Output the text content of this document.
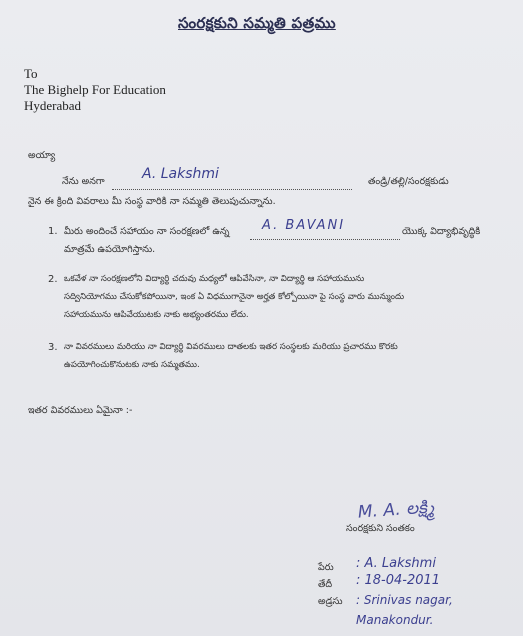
సంరక్షకుని సమ్మతి పత్రము
To
The Bighelp For Education
Hyderabad
అయ్యా
నేను అనగా	A. Lakshmi	తండ్రి/తల్లి/సంరక్షకుడు
నైన ఈ క్రింది వివరాలు మీ సంస్థ వారికి నా సమ్మతి తెలుపుచున్నాను.
1. మీరు అందించే సహాయం నా సంరక్షణలో ఉన్న	A. BAVANI	యొక్క విద్యాభివృద్ధికి
మాత్రమే ఉపయోగిస్తాను.
2. ఒకవేళ నా సంరక్షణలోని విద్యార్థి చదువు మధ్యలో ఆపివేసినా, నా విద్యార్థి ఆ సహాయమును
సద్వినియోగము చేసుకోకపోయినా, ఇంక ఏ విధముగానైనా అర్హత కోల్పోయినా పై సంస్థ వారు మున్ముందు
సహాయమును ఆపివేయుటకు నాకు అభ్యంతరము లేదు.
3. నా వివరములు మరియు నా విద్యార్థి వివరములు దాతలకు ఇతర సంస్థలకు మరియు ప్రచారము కొరకు
ఉపయోగించుకొనుటకు నాకు సమ్మతము.
ఇతర వివరములు ఏమైనా :-
M. A. లక్ష్మి
సంరక్షకుని సంతకం
పేరు : A. Lakshmi
తేదీ : 18-04-2011
అడ్రసు : Srinivas nagar, Manakondur.
